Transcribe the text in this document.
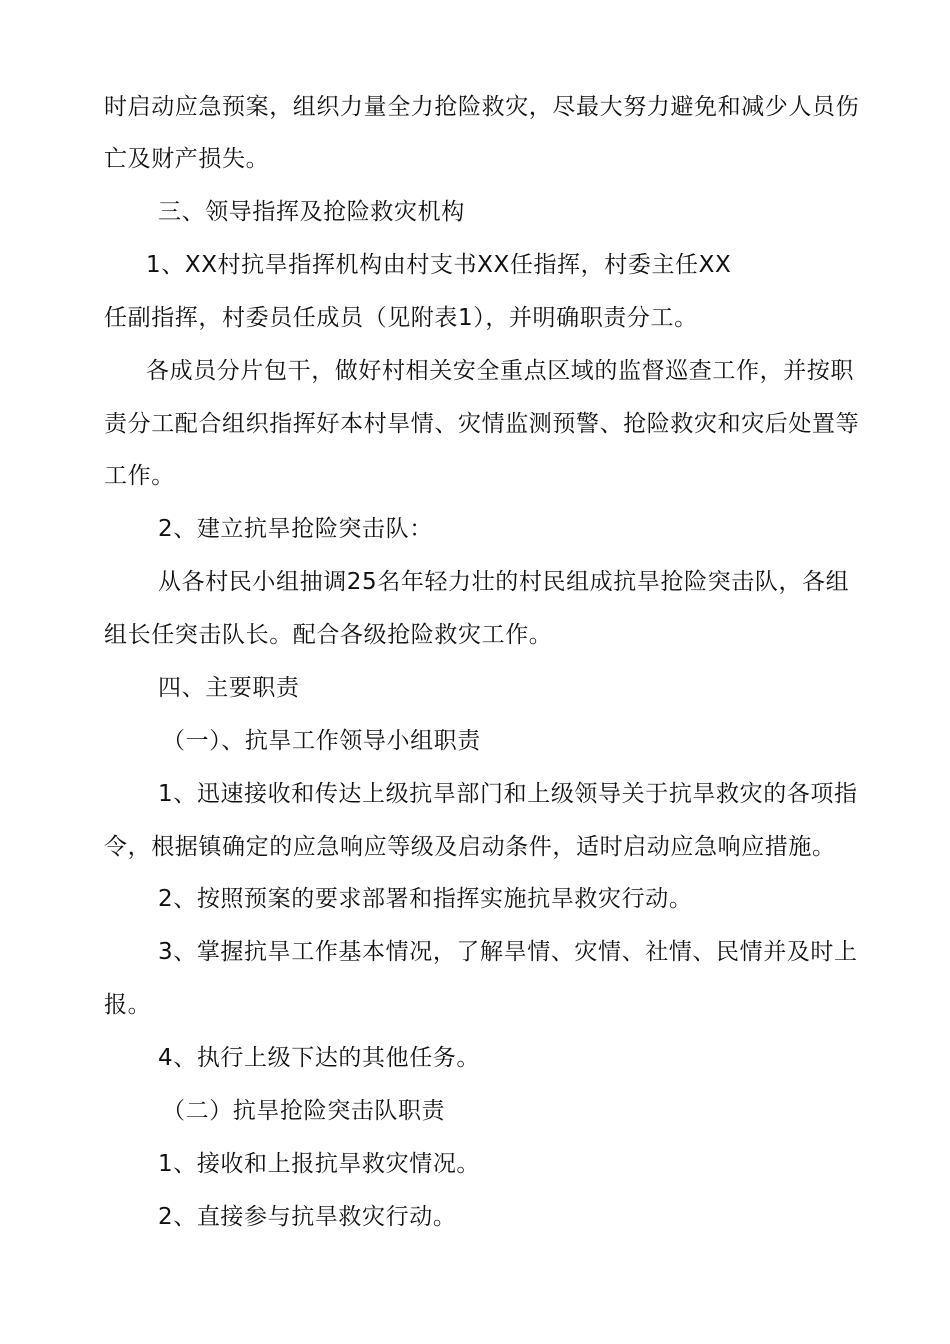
时启动应急预案，组织力量全力抢险救灾，尽最大努力避免和减少人员伤
亡及财产损失。
三、领导指挥及抢险救灾机构
1、XX村抗旱指挥机构由村支书XX任指挥，村委主任XX
任副指挥，村委员任成员（见附表1），并明确职责分工。
各成员分片包干，做好村相关安全重点区域的监督巡查工作，并按职
责分工配合组织指挥好本村旱情、灾情监测预警、抢险救灾和灾后处置等
工作。
2、建立抗旱抢险突击队：
从各村民小组抽调25名年轻力壮的村民组成抗旱抢险突击队，各组
组长任突击队长。配合各级抢险救灾工作。
四、主要职责
（一）、抗旱工作领导小组职责
1、迅速接收和传达上级抗旱部门和上级领导关于抗旱救灾的各项指
令，根据镇确定的应急响应等级及启动条件，适时启动应急响应措施。
2、按照预案的要求部署和指挥实施抗旱救灾行动。
3、掌握抗旱工作基本情况，了解旱情、灾情、社情、民情并及时上
报。
4、执行上级下达的其他任务。
（二）抗旱抢险突击队职责
1、接收和上报抗旱救灾情况。
2、直接参与抗旱救灾行动。
